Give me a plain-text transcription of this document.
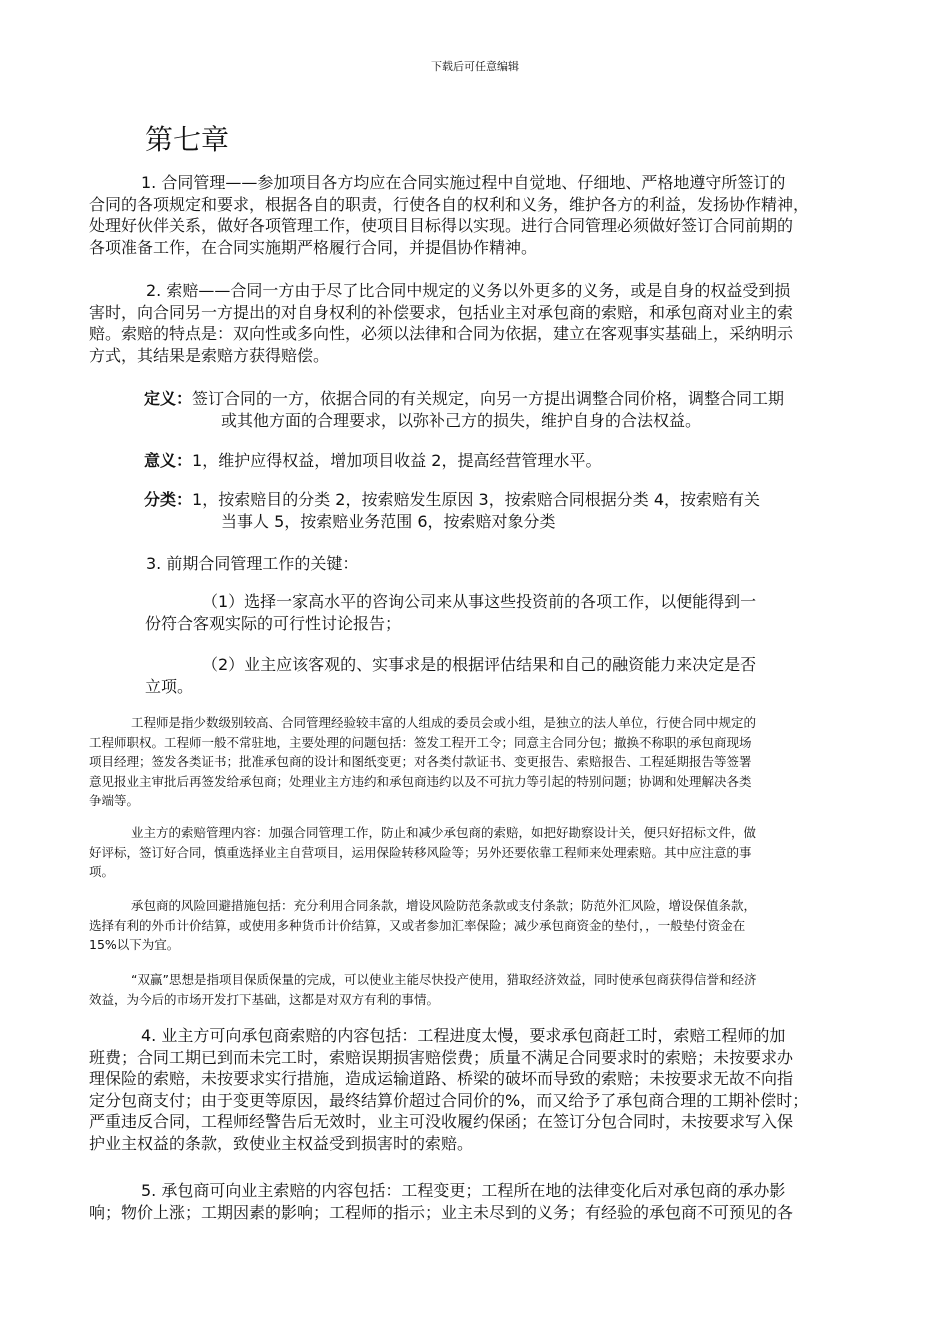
下载后可任意编辑
第七章
1. 合同管理——参加项目各方均应在合同实施过程中自觉地、仔细地、严格地遵守所签订的
合同的各项规定和要求，根据各自的职责，行使各自的权利和义务，维护各方的利益，发扬协作精神，
处理好伙伴关系，做好各项管理工作，使项目目标得以实现。进行合同管理必须做好签订合同前期的
各项准备工作，在合同实施期严格履行合同，并提倡协作精神。
2. 索赔——合同一方由于尽了比合同中规定的义务以外更多的义务，或是自身的权益受到损
害时，向合同另一方提出的对自身权利的补偿要求，包括业主对承包商的索赔，和承包商对业主的索
赔。索赔的特点是：双向性或多向性，必须以法律和合同为依据，建立在客观事实基础上，采纳明示
方式，其结果是索赔方获得赔偿。
定义：签订合同的一方，依据合同的有关规定，向另一方提出调整合同价格，调整合同工期
或其他方面的合理要求，以弥补己方的损失，维护自身的合法权益。
意义：1，维护应得权益，增加项目收益 2，提高经营管理水平。
分类：1，按索赔目的分类 2，按索赔发生原因 3，按索赔合同根据分类 4，按索赔有关
当事人 5，按索赔业务范围 6，按索赔对象分类
3. 前期合同管理工作的关键：
（1）选择一家高水平的咨询公司来从事这些投资前的各项工作，以便能得到一
份符合客观实际的可行性讨论报告；
（2）业主应该客观的、实事求是的根据评估结果和自己的融资能力来决定是否
立项。
工程师是指少数级别较高、合同管理经验较丰富的人组成的委员会或小组，是独立的法人单位，行使合同中规定的
工程师职权。工程师一般不常驻地，主要处理的问题包括：签发工程开工令；同意主合同分包；撤换不称职的承包商现场
项目经理；签发各类证书；批准承包商的设计和图纸变更；对各类付款证书、变更报告、索赔报告、工程延期报告等签署
意见报业主审批后再签发给承包商；处理业主方违约和承包商违约以及不可抗力等引起的特别问题；协调和处理解决各类
争端等。
业主方的索赔管理内容：加强合同管理工作，防止和减少承包商的索赔，如把好勘察设计关，便只好招标文件，做
好评标，签订好合同，慎重选择业主自营项目，运用保险转移风险等；另外还要依靠工程师来处理索赔。其中应注意的事
项。
承包商的风险回避措施包括：充分利用合同条款，增设风险防范条款或支付条款；防范外汇风险，增设保值条款，
选择有利的外币计价结算，或使用多种货币计价结算，又或者参加汇率保险；减少承包商资金的垫付，，一般垫付资金在
15%以下为宜。
“双赢”思想是指项目保质保量的完成，可以使业主能尽快投产使用，猎取经济效益，同时使承包商获得信誉和经济
效益，为今后的市场开发打下基础，这都是对双方有利的事情。
4. 业主方可向承包商索赔的内容包括：工程进度太慢，要求承包商赶工时，索赔工程师的加
班费；合同工期已到而未完工时，索赔误期损害赔偿费；质量不满足合同要求时的索赔；未按要求办
理保险的索赔，未按要求实行措施，造成运输道路、桥梁的破坏而导致的索赔；未按要求无故不向指
定分包商支付；由于变更等原因，最终结算价超过合同价的%，而又给予了承包商合理的工期补偿时；
严重违反合同，工程师经警告后无效时，业主可没收履约保函；在签订分包合同时，未按要求写入保
护业主权益的条款，致使业主权益受到损害时的索赔。
5. 承包商可向业主索赔的内容包括：工程变更；工程所在地的法律变化后对承包商的承办影
响；物价上涨；工期因素的影响；工程师的指示；业主未尽到的义务；有经验的承包商不可预见的各
